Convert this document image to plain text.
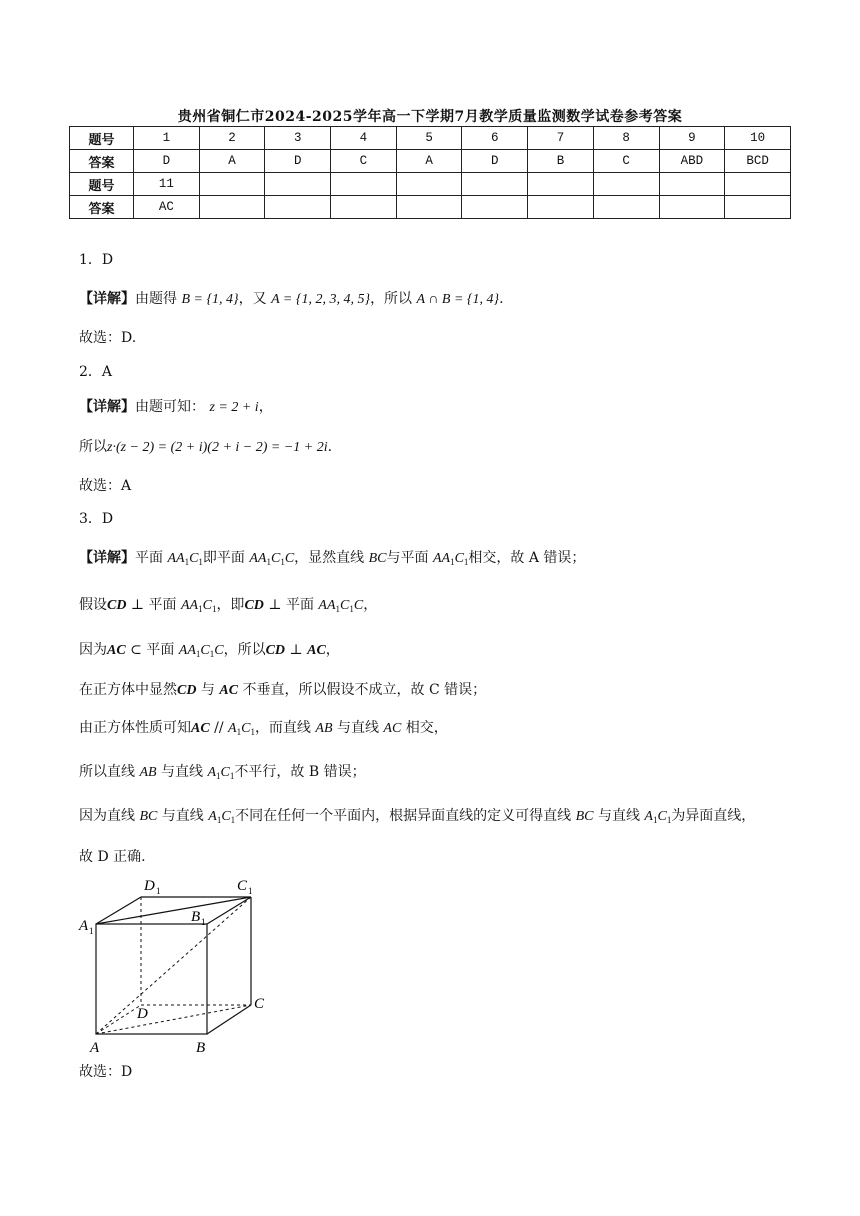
贵州省铜仁市2024-2025学年高一下学期7月教学质量监测数学试卷参考答案
题号	1	2	3	4	5	6	7	8	9	10
答案	D	A	D	C	A	D	B	C	ABD	BCD
题号	11									
答案	AC									
1．D
【详解】由题得 B = {1, 4}，又 A = {1, 2, 3, 4, 5}，所以 A ∩ B = {1, 4}.
故选：D.
2．A
【详解】由题可知： z = 2 + i，
所以z·(z − 2) = (2 + i)(2 + i − 2) = −1 + 2i.
故选：A
3．D
【详解】平面 $AA_1C_1$即平面 $AA_1C_1C$，显然直线 BC与平面 $AA_1C_1$相交，故 A 错误；
假设CD ⊥ 平面 $AA_1C_1$，即CD ⊥ 平面 $AA_1C_1C$，
因为AC ⊂ 平面 $AA_1C_1C$，所以CD ⊥ AC，
在正方体中显然CD 与 AC 不垂直，所以假设不成立，故 C 错误；
由正方体性质可知AC // $A_1C_1$，而直线 AB 与直线 AC 相交，
所以直线 AB 与直线 $A_1C_1$不平行，故 B 错误；
因为直线 BC 与直线 $A_1C_1$不同在任何一个平面内，根据异面直线的定义可得直线 BC 与直线 $A_1C_1$为异面直线，
故 D 正确.
D 1	C 1
A 1
B 1
A
D
B
C
故选：D
